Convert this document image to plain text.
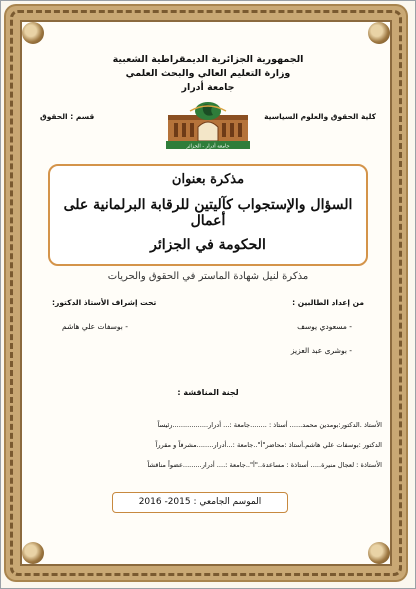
الجمهورية الجزائرية الديمقراطية الشعبية
وزارة التعليم العالي والبحث العلمي
جامعة أدرار
كلية الحقوق والعلوم السياسية
قسم : الحقوق
جامعة أدرار - الجزائر
مذكرة بعنوان
السؤال والإستجواب كآليتين للرقابة البرلمانية على أعمال
الحكومة في الجزائر
مذكرة لنيل شهادة الماستر في الحقوق والحريات
من إعداد الطالبين :
- مسعودي يوسف
- بوشرى عبد العزيز
تحت إشراف الأستاذ الدكتور:
- بوسفات علي هاشم
لجنة المناقشة :
الأستاذ .الدكتور:بومدين محمد...... أستاذ : ........جامعة :... أدرار.................رئيساً
الدكتور :بوسفات علي هاشم.أستاذ :محاضر"أ"..جامعة :...أدرار........مشرفاً و مقرراً
الأستاذة : لعجال منيرة..... أستاذة : مساعدة.."أ"..جامعة :.... أدرار.........عضواً مناقشاً
الموسم الجامعي : 2015- 2016
